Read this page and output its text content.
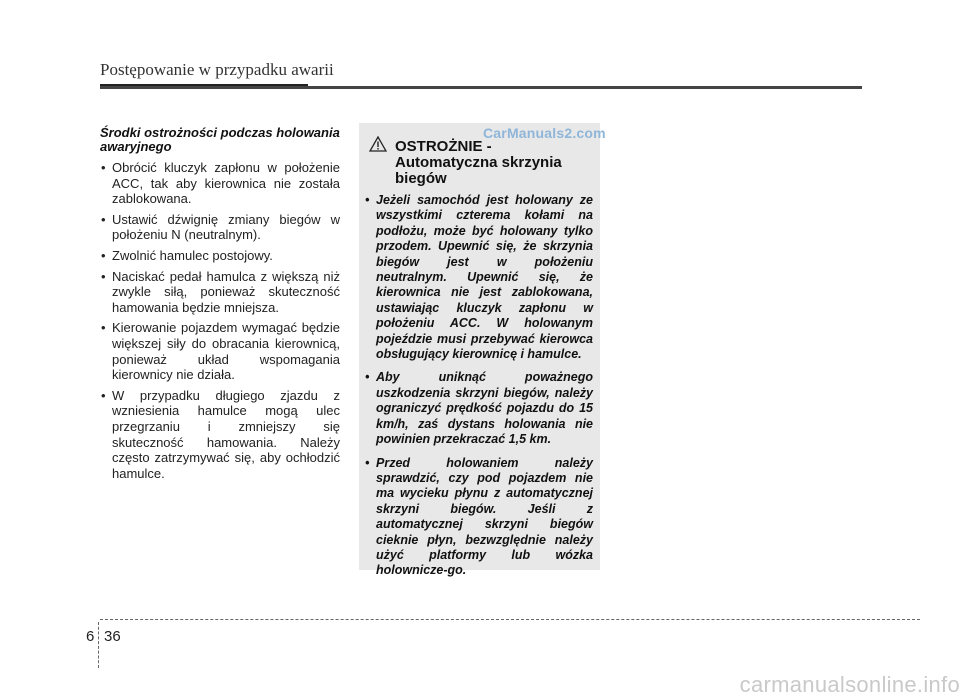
Postępowanie w przypadku awarii
Środki ostrożności podczas holowania awaryjnego
• Obrócić kluczyk zapłonu w położenie ACC, tak aby kierownica nie została zablokowana.
• Ustawić dźwignię zmiany biegów w położeniu N (neutralnym).
• Zwolnić hamulec postojowy.
• Naciskać pedał hamulca z większą niż zwykle siłą, ponieważ skuteczność hamowania będzie mniejsza.
• Kierowanie pojazdem wymagać będzie większej siły do obracania kierownicą, ponieważ układ wspomagania kierownicy nie działa.
• W przypadku długiego zjazdu z wzniesienia hamulce mogą ulec przegrzaniu i zmniejszy się skuteczność hamowania. Należy często zatrzymywać się, aby ochłodzić hamulce.
CarManuals2.com
OSTROŻNIE - Automatyczna skrzynia biegów
• Jeżeli samochód jest holowany ze wszystkimi czterema kołami na podłożu, może być holowany tylko przodem. Upewnić się, że skrzynia biegów jest w położeniu neutralnym. Upewnić się, że kierownica nie jest zablokowana, ustawiając kluczyk zapłonu w położeniu ACC. W holowanym pojeździe musi przebywać kierowca obsługujący kierownicę i hamulce.
• Aby uniknąć poważnego uszkodzenia skrzyni biegów, należy ograniczyć prędkość pojazdu do 15 km/h, zaś dystans holowania nie powinien przekraczać 1,5 km.
• Przed holowaniem należy sprawdzić, czy pod pojazdem nie ma wycieku płynu z automatycznej skrzyni biegów. Jeśli z automatycznej skrzyni biegów cieknie płyn, bezwzględnie należy użyć platformy lub wózka holownicze-go.
6 36
carmanualsonline.info
